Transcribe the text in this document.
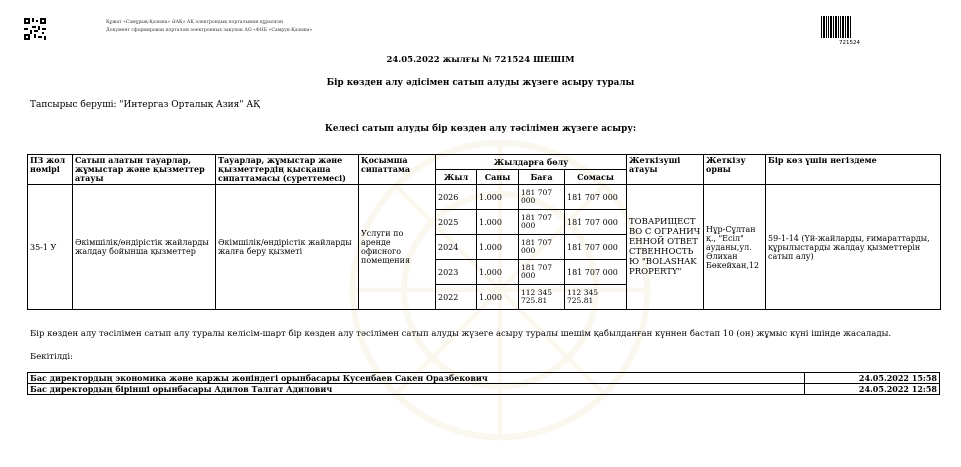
Құжат «Самұрық-Қазына» ӘАҚ» АҚ электрондық порталымен құрылған
Документ сформирован порталом электронных закупок АО «ФНБ «Самрук-Қазына»
721524
24.05.2022 жылғы № 721524 ШЕШІМ
Бір көзден алу әдісімен сатып алуды жүзеге асыру туралы
Тапсырыс беруші: "Интергаз Орталық Азия" АҚ
Келесі сатып алуды бір көзден алу тәсілімен жүзеге асыру:
ПЗ жол нөмірі	Сатып алатын тауарлар, жұмыстар және қызметтер атауы	Тауарлар, жұмыстар және қызметтердің қысқаша сипаттамасы (суреттемесі)	Қосымша сипаттама	Жылдарға бөлу				Жеткізуші атауы	Жеткізу орны	Бір көз үшін негіздеме
				Жыл	Саны	Баға	Сомасы			
35-1 У	Әкімшілік/өндірістік жайларды жалдау бойынша қызметтер	Әкімшілік/өндірістік жайларды жалға беру қызметі	Услуги по аренде офисного помещения	2026	1.000	181 707 000	181 707 000	ТОВАРИЩЕСТВО С ОГРАНИЧЕННОЙ ОТВЕТСТВЕННОСТЬЮ "BOLASHAK PROPERTY"	Нұр-Сұлтан қ., "Есіл" ауданы,ул. Әлихан Бөкейхан,12	59-1-14 (Үй-жайларды, ғимараттарды, құрылыстарды жалдау қызметтерін сатып алу)
				2025	1.000	181 707 000	181 707 000			
				2024	1.000	181 707 000	181 707 000			
				2023	1.000	181 707 000	181 707 000			
				2022	1.000	112 345 725.81	112 345 725.81			
Бір көзден алу тәсілімен сатып алу туралы келісім-шарт бір көзден алу тәсілімен сатып алуды жүзеге асыру туралы шешім қабылданған күннен бастап 10 (он) жұмыс күні ішінде жасалады.
Бекітілді:
Бас директордың экономика және қаржы жөніндегі орынбасары Кусенбаев Сакен Оразбекович	24.05.2022 15:58
Бас директордың бірінші орынбасары Адилов Талгат Адилович	24.05.2022 12:58
